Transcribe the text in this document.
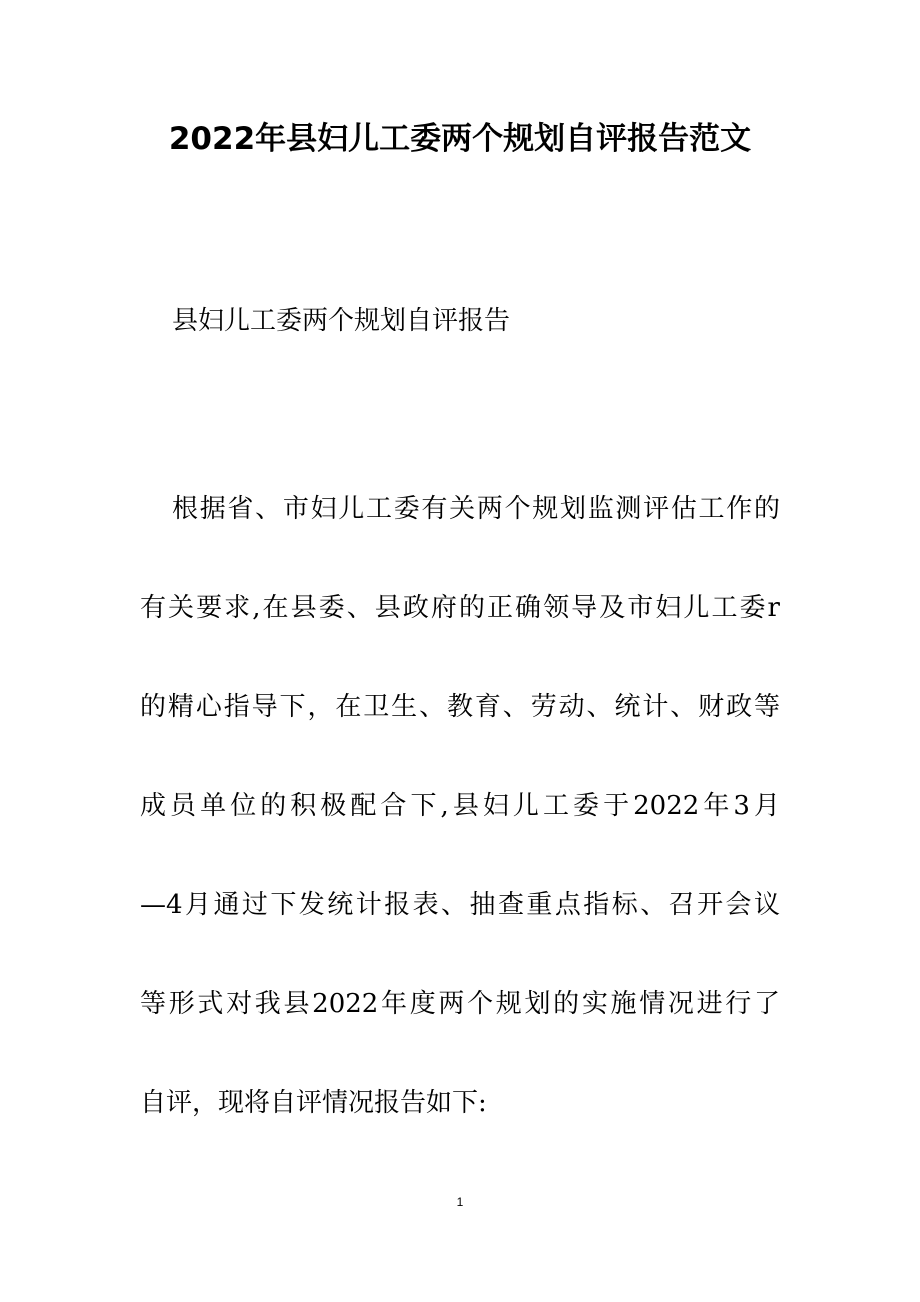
2022年县妇儿工委两个规划自评报告范文

县妇儿工委两个规划自评报告

根据省、市妇儿工委有关两个规划监测评估工作的
有关要求,在县委、县政府的正确领导及市妇儿工委r
的精心指导下，在卫生、教育、劳动、统计、财政等
成员单位的积极配合下,县妇儿工委于2022年3月
—4月通过下发统计报表、抽查重点指标、召开会议
等形式对我县2022年度两个规划的实施情况进行了
自评，现将自评情况报告如下:
1
